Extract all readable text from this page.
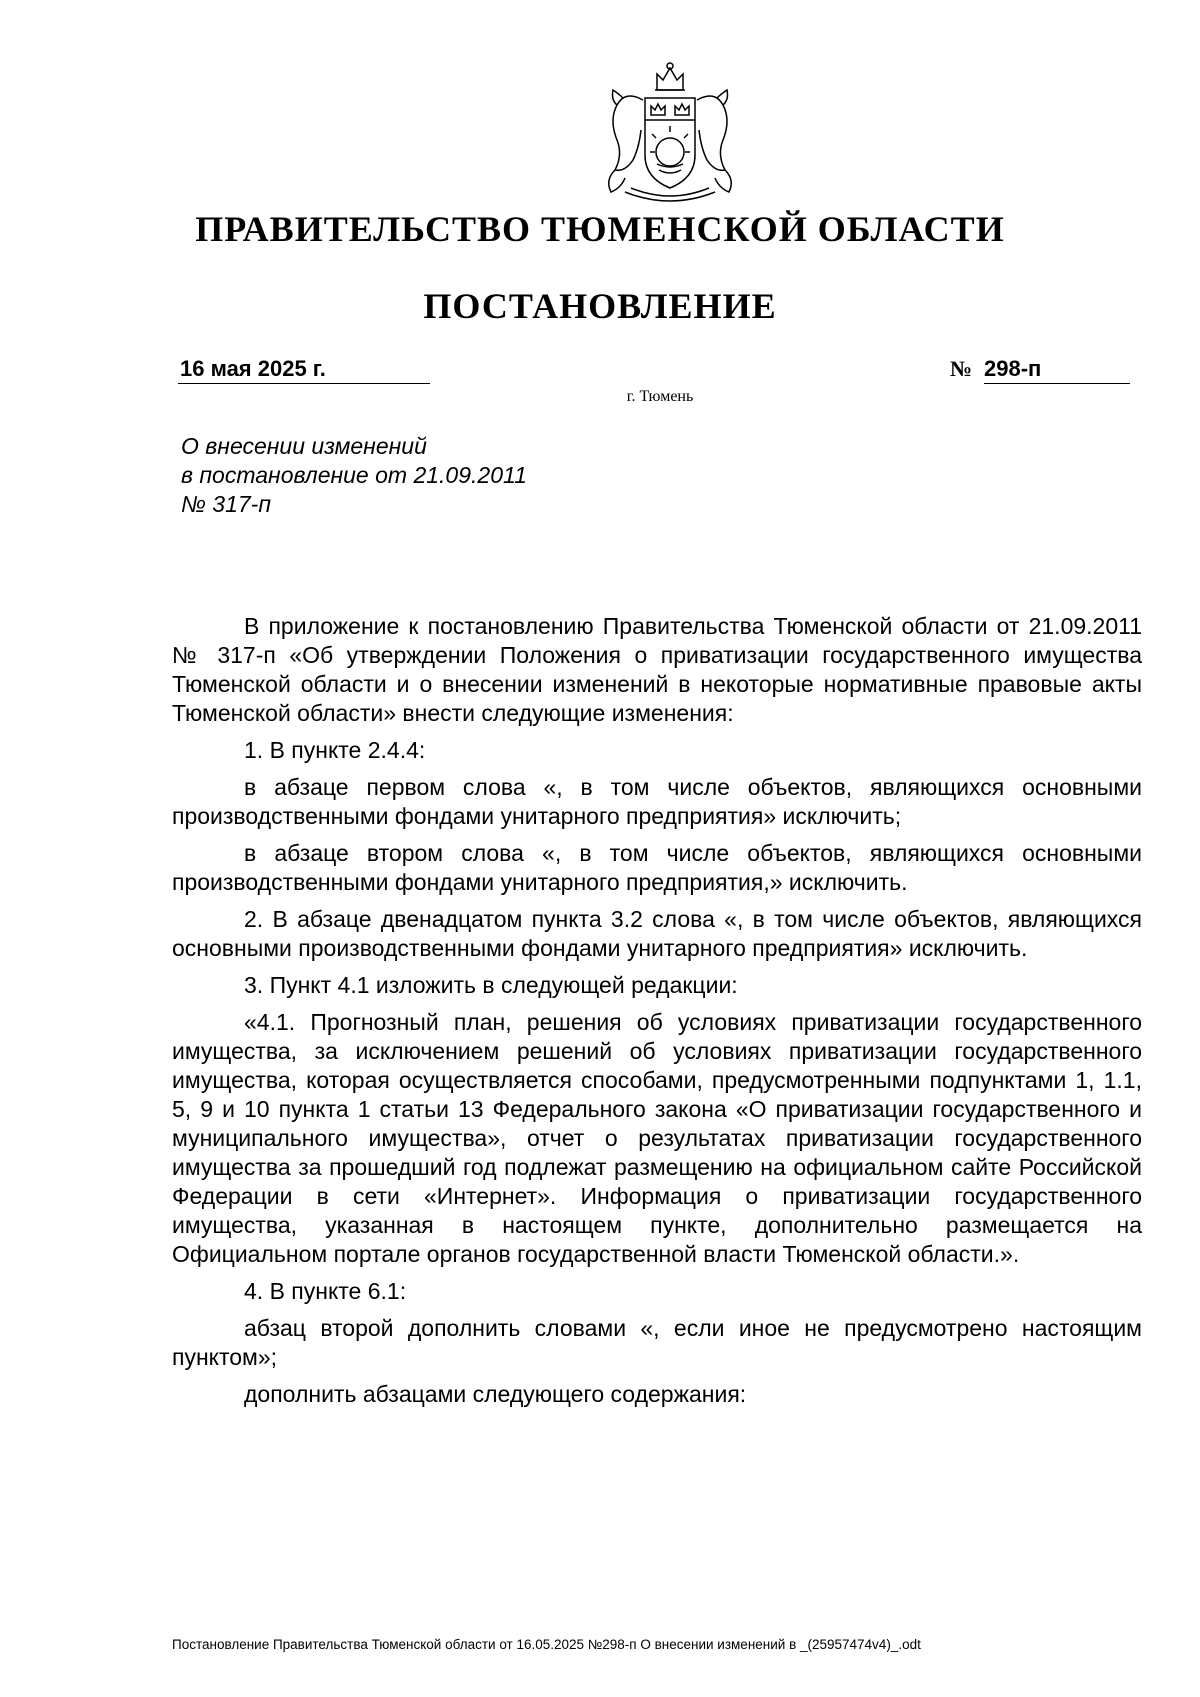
ПРАВИТЕЛЬСТВО ТЮМЕНСКОЙ ОБЛАСТИ
ПОСТАНОВЛЕНИЕ
16 мая 2025 г.	№ 298-п
г. Тюмень
О внесении изменений
в постановление от 21.09.2011
№ 317-п

В приложение к постановлению Правительства Тюменской области от 21.09.2011 № 317-п «Об утверждении Положения о приватизации государственного имущества Тюменской области и о внесении изменений в некоторые нормативные правовые акты Тюменской области» внести следующие изменения:

1. В пункте 2.4.4:

в абзаце первом слова «, в том числе объектов, являющихся основными производственными фондами унитарного предприятия» исключить;

в абзаце втором слова «, в том числе объектов, являющихся основными производственными фондами унитарного предприятия,» исключить.

2. В абзаце двенадцатом пункта 3.2 слова «, в том числе объектов, являющихся основными производственными фондами унитарного предприятия» исключить.

3. Пункт 4.1 изложить в следующей редакции:

«4.1. Прогнозный план, решения об условиях приватизации государственного имущества, за исключением решений об условиях приватизации государственного имущества, которая осуществляется способами, предусмотренными подпунктами 1, 1.1, 5, 9 и 10 пункта 1 статьи 13 Федерального закона «О приватизации государственного и муниципального имущества», отчет о результатах приватизации государственного имущества за прошедший год подлежат размещению на официальном сайте Российской Федерации в сети «Интернет». Информация о приватизации государственного имущества, указанная в настоящем пункте, дополнительно размещается на Официальном портале органов государственной власти Тюменской области.».

4. В пункте 6.1:

абзац второй дополнить словами «, если иное не предусмотрено настоящим пунктом»;

дополнить абзацами следующего содержания:

Постановление Правительства Тюменской области от 16.05.2025 №298-п О внесении изменений в _(25957474v4)_.odt
